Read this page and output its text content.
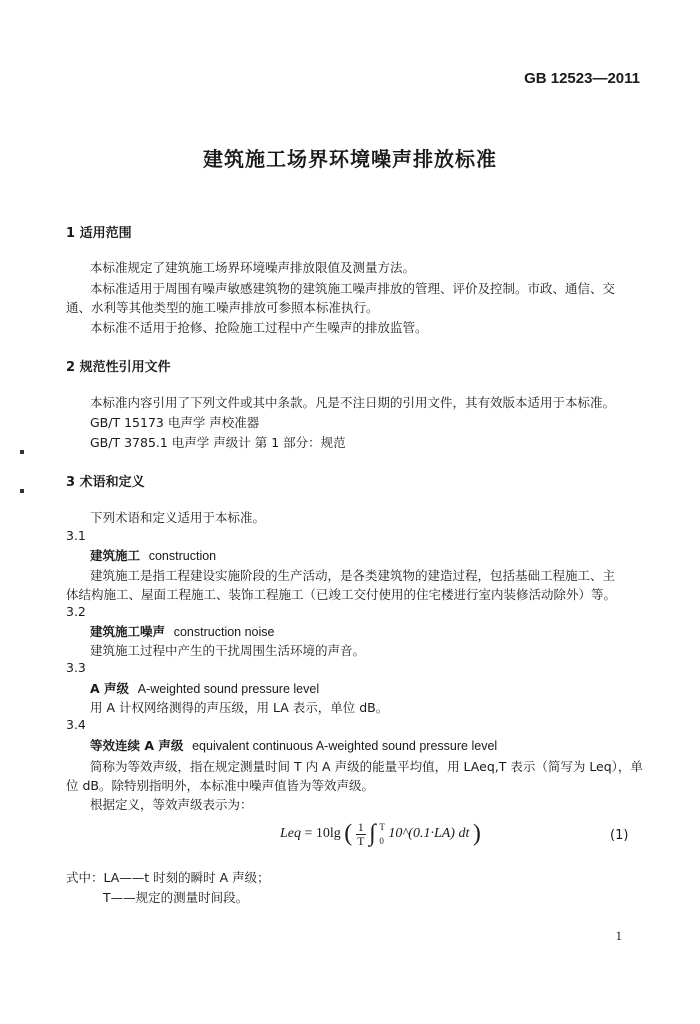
GB 12523—2011
建筑施工场界环境噪声排放标准
1 适用范围
本标准规定了建筑施工场界环境噪声排放限值及测量方法。
本标准适用于周围有噪声敏感建筑物的建筑施工噪声排放的管理、评价及控制。市政、通信、交
通、水利等其他类型的施工噪声排放可参照本标准执行。
本标准不适用于抢修、抢险施工过程中产生噪声的排放监管。
2 规范性引用文件
本标准内容引用了下列文件或其中条款。凡是不注日期的引用文件，其有效版本适用于本标准。
GB/T 15173 电声学 声校准器
GB/T 3785.1 电声学 声级计 第 1 部分：规范
3 术语和定义
下列术语和定义适用于本标准。
3.1
建筑施工 construction
建筑施工是指工程建设实施阶段的生产活动，是各类建筑物的建造过程，包括基础工程施工、主
体结构施工、屋面工程施工、装饰工程施工（已竣工交付使用的住宅楼进行室内装修活动除外）等。
3.2
建筑施工噪声 construction noise
建筑施工过程中产生的干扰周围生活环境的声音。
3.3
A 声级 A-weighted sound pressure level
用 A 计权网络测得的声压级，用 LA 表示，单位 dB。
3.4
等效连续 A 声级 equivalent continuous A-weighted sound pressure level
简称为等效声级，指在规定测量时间 T 内 A 声级的能量平均值，用 LAeq,T 表示（简写为 Leq），单
位 dB。除特别指明外，本标准中噪声值皆为等效声级。
根据定义，等效声级表示为：
Leq = 10lg ( $\frac{1}{T}$ ∫ T
0 10^(0.1·LA) dt )	(1)
式中：LA——t 时刻的瞬时 A 声级；
T——规定的测量时间段。
1
